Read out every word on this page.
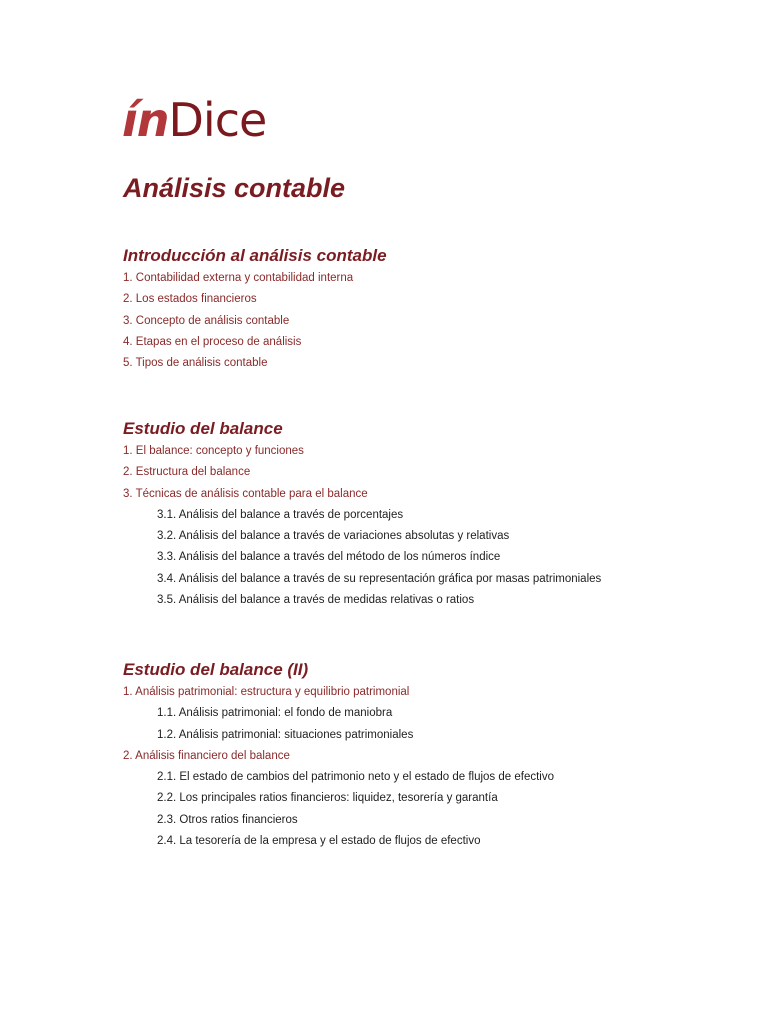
ínDice
Análisis contable
Introducción al análisis contable
1. Contabilidad externa y contabilidad interna
2. Los estados financieros
3. Concepto de análisis contable
4. Etapas en el proceso de análisis
5. Tipos de análisis contable
Estudio del balance
1. El balance: concepto y funciones
2. Estructura del balance
3. Técnicas de análisis contable para el balance
3.1. Análisis del balance a través de porcentajes
3.2. Análisis del balance a través de variaciones absolutas y relativas
3.3. Análisis del balance a través del método de los números índice
3.4. Análisis del balance a través de su representación gráfica por masas patrimoniales
3.5. Análisis del balance a través de medidas relativas o ratios
Estudio del balance (II)
1. Análisis patrimonial: estructura y equilibrio patrimonial
1.1. Análisis patrimonial: el fondo de maniobra
1.2. Análisis patrimonial: situaciones patrimoniales
2. Análisis financiero del balance
2.1. El estado de cambios del patrimonio neto y el estado de flujos de efectivo
2.2. Los principales ratios financieros: liquidez, tesorería y garantía
2.3. Otros ratios financieros
2.4. La tesorería de la empresa y el estado de flujos de efectivo
